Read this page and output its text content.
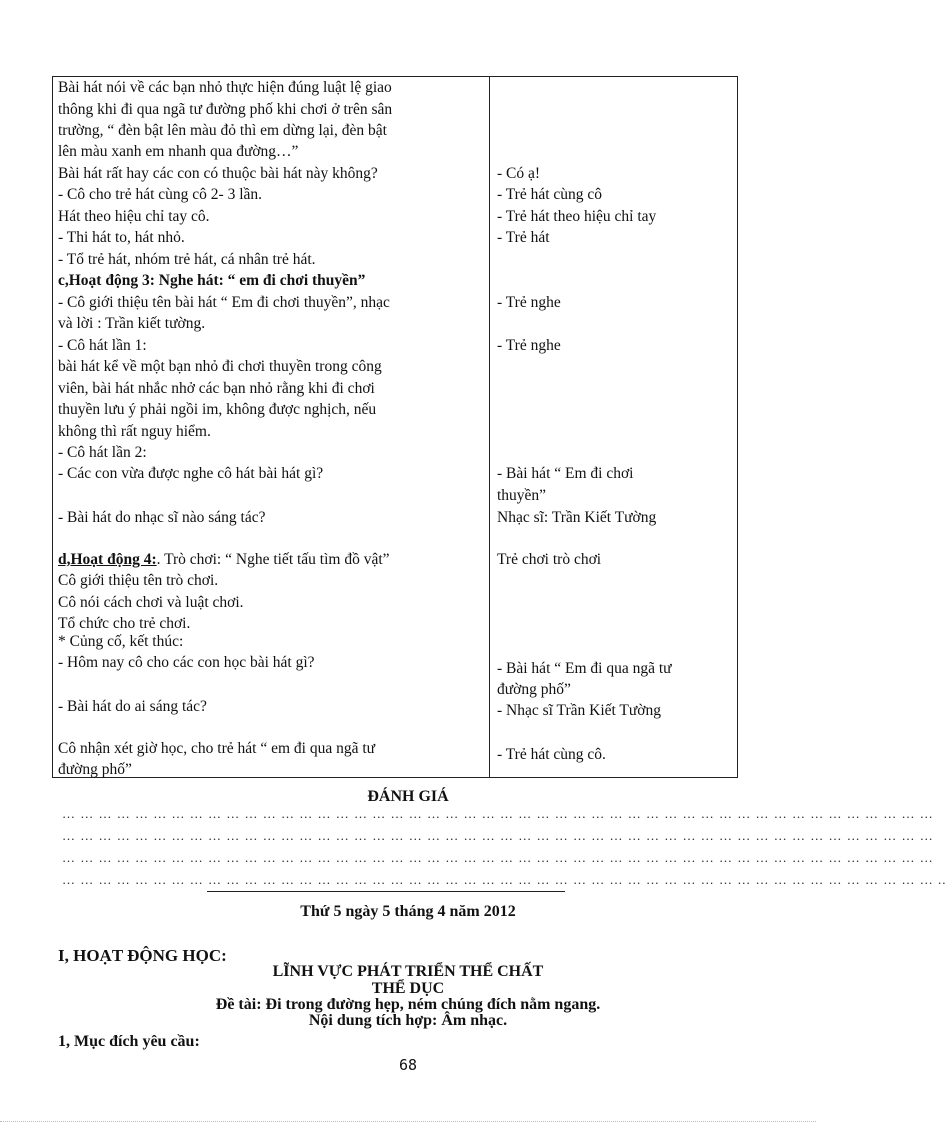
Bài hát nói về các bạn nhỏ thực hiện đúng luật lệ giao
thông khi đi qua ngã tư đường phố khi chơi ở trên sân
trường, “ đèn bật lên màu đỏ thì em dừng lại, đèn bật
lên màu xanh em nhanh qua đường…”
Bài hát rất hay các con có thuộc bài hát này không?
- Cô cho trẻ hát cùng cô 2- 3 lần.
Hát theo hiệu chỉ tay cô.
- Thi hát to, hát nhỏ.
- Tổ trẻ hát, nhóm trẻ hát, cá nhân trẻ hát.
c,Hoạt động 3: Nghe hát: “ em đi chơi thuyền”
- Cô giới thiệu tên bài hát “ Em đi chơi thuyền”, nhạc
và lời : Trần kiết tường.
- Cô hát lần 1:
bài hát kể về một bạn nhỏ đi chơi thuyền trong công
viên, bài hát nhắc nhở các bạn nhỏ rằng khi đi chơi
thuyền lưu ý phải ngồi im, không được nghịch, nếu
không thì rất nguy hiểm.
- Cô hát lần 2:
- Các con vừa được nghe cô hát bài hát gì?
- Bài hát do nhạc sĩ nào sáng tác?
d,Hoạt động 4:. Trò chơi: “ Nghe tiết tấu tìm đồ vật”
Cô giới thiệu tên trò chơi.
Cô nói cách chơi và luật chơi.
Tổ chức cho trẻ chơi.
* Củng cố, kết thúc:
- Hôm nay cô cho các con học bài hát gì?
- Bài hát do ai sáng tác?
Cô nhận xét giờ học, cho trẻ hát “ em đi qua ngã tư
đường phố”
- Có ạ!
- Trẻ hát cùng cô
- Trẻ hát theo hiệu chỉ tay
- Trẻ hát
- Trẻ nghe
- Trẻ nghe
- Bài hát “ Em đi chơi
thuyền”
Nhạc sĩ: Trần Kiết Tường
Trẻ chơi trò chơi
- Bài hát “ Em đi qua ngã tư
đường phố”
- Nhạc sĩ Trần Kiết Tường
- Trẻ hát cùng cô.
ĐÁNH GIÁ
… … … … … … … … … … … … … … … … … … … … … … … … … … … … … … … … … … … … … … … … … … … … … … … …
… … … … … … … … … … … … … … … … … … … … … … … … … … … … … … … … … … … … … … … … … … … … … … … …
… … … … … … … … … … … … … … … … … … … … … … … … … … … … … … … … … … … … … … … … … … … … … … … …
… … … … … … … … … … … … … … … … … … … … … … … … … … … … … … … … … … … … … … … … … … … … … … … … ..
Thứ 5 ngày 5 tháng 4 năm 2012
I, HOẠT ĐỘNG HỌC:
LĨNH VỰC PHÁT TRIỂN THỂ CHẤT
THỂ DỤC
Đề tài: Đi trong đường hẹp, ném chúng đích nằm ngang.
Nội dung tích hợp: Âm nhạc.
1, Mục đích yêu cầu:
68
